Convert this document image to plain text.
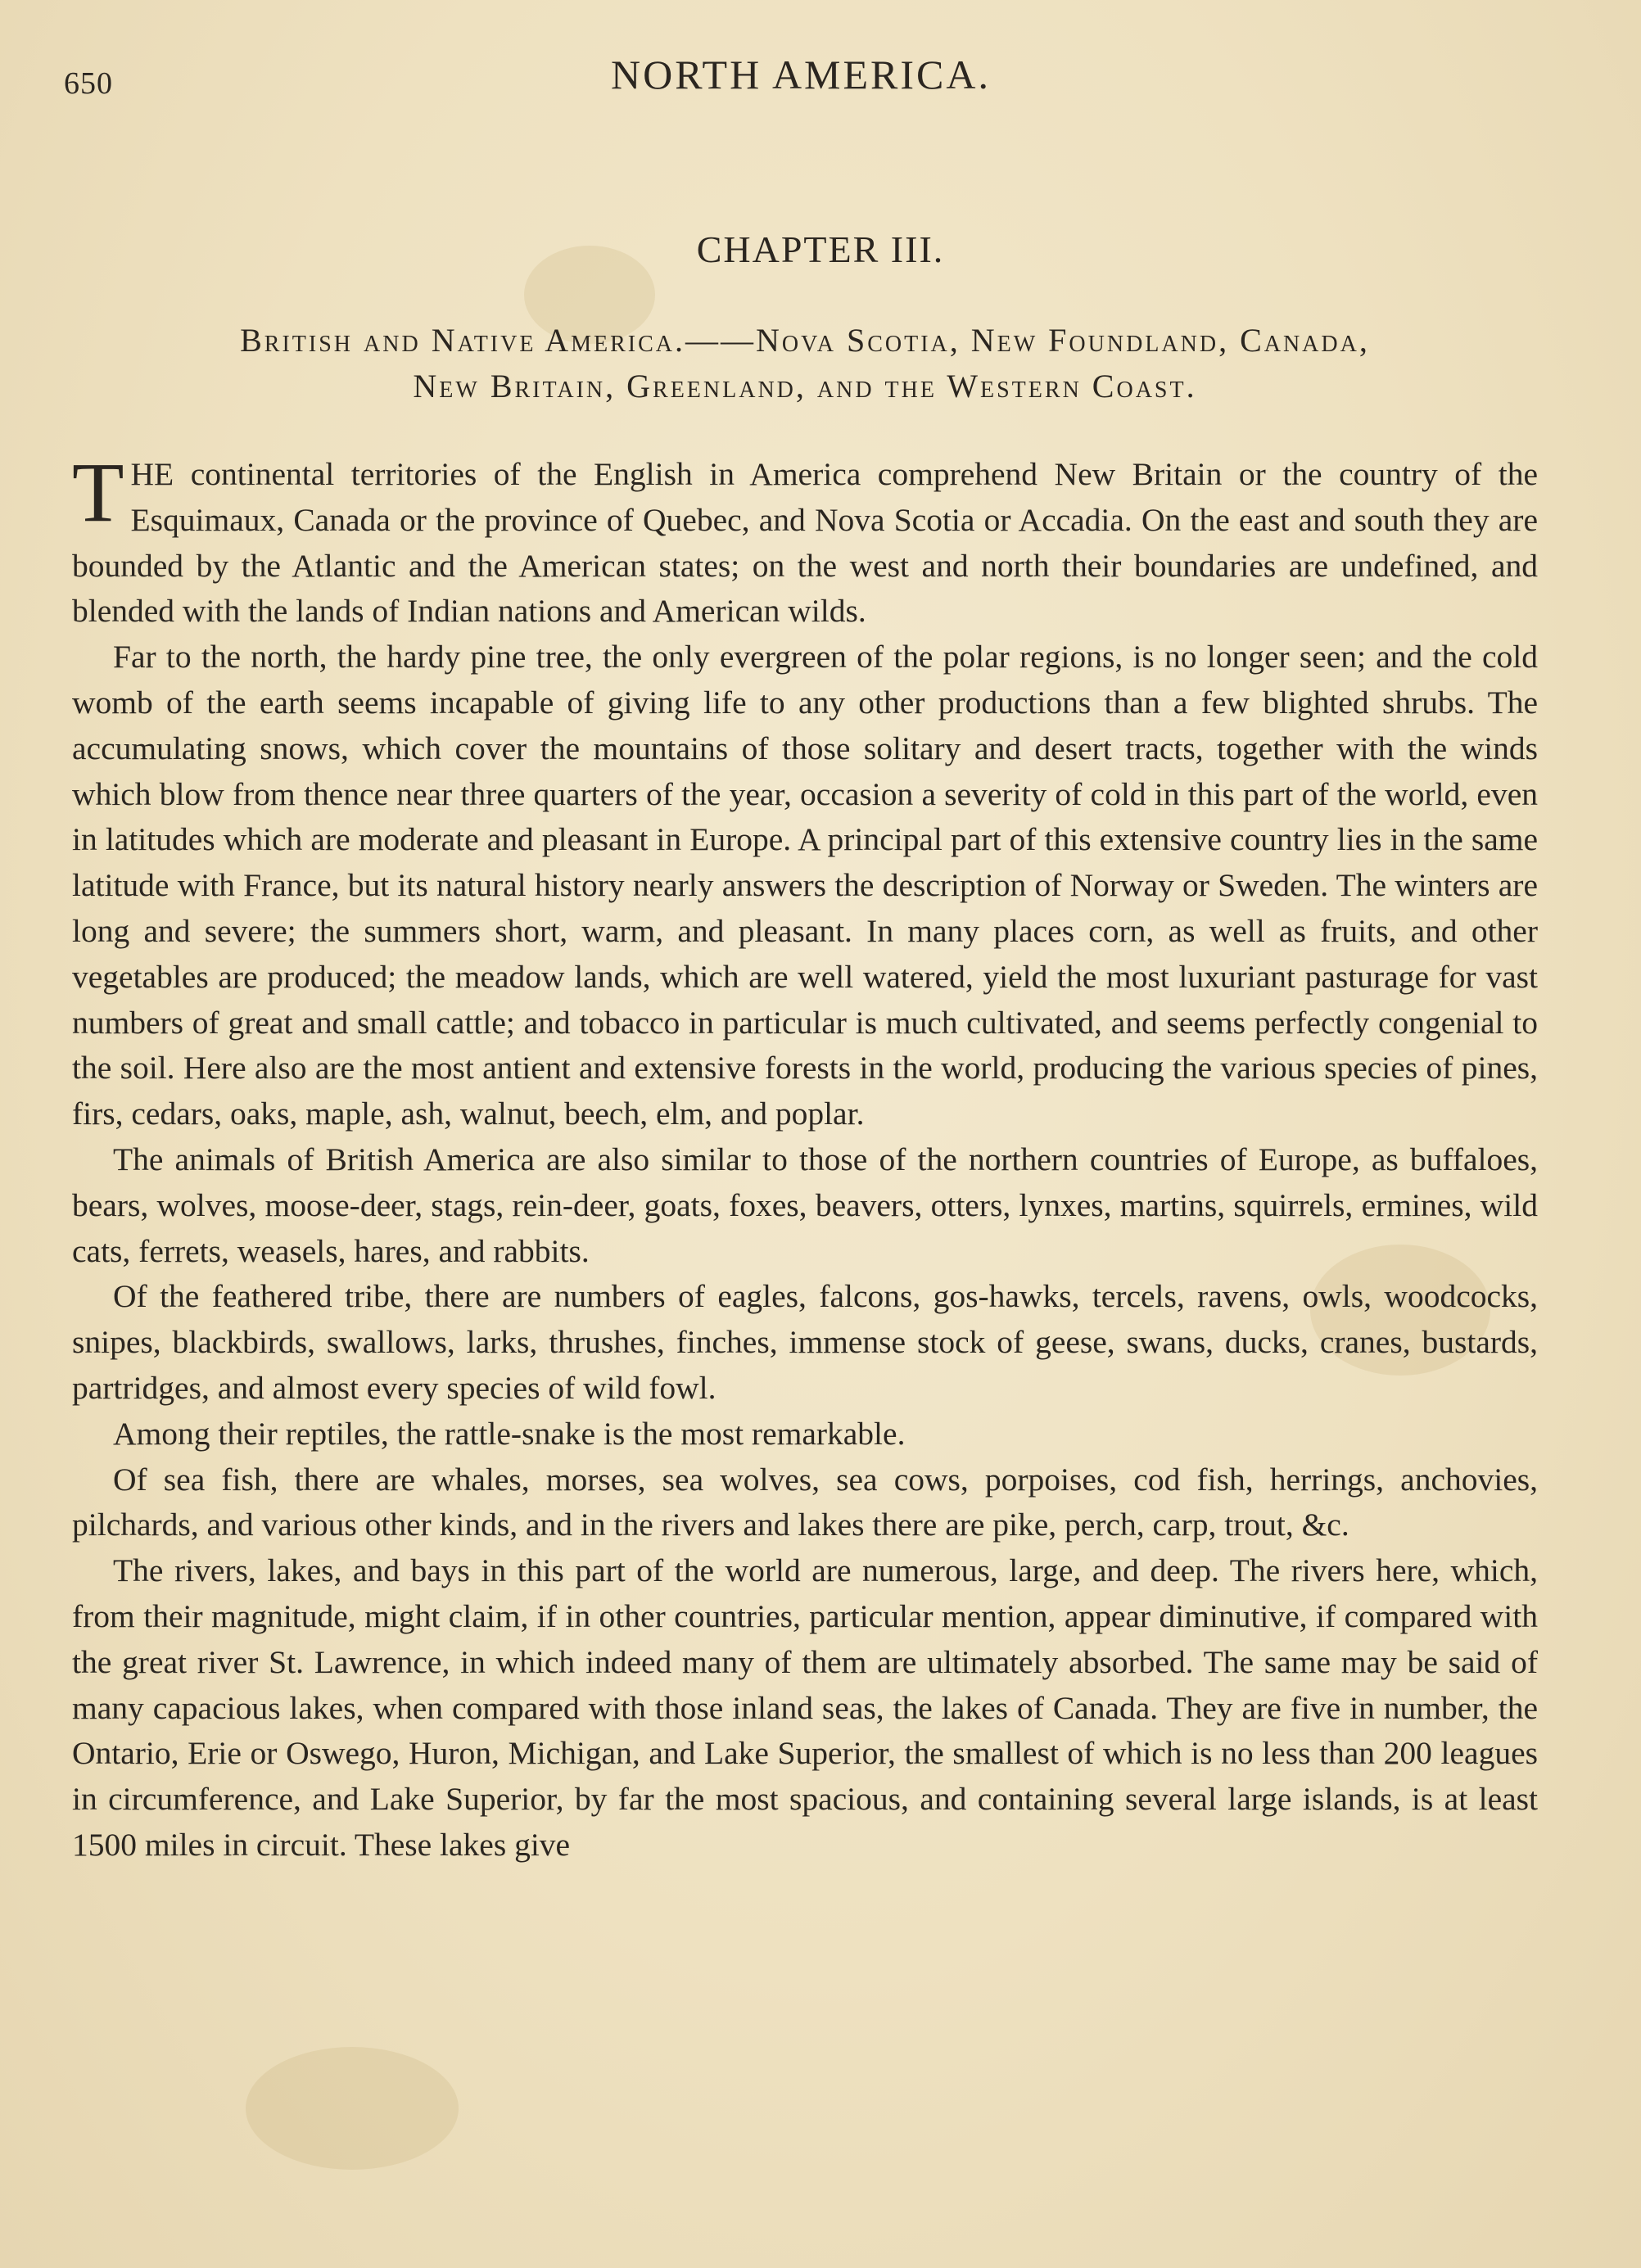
650	NORTH AMERICA.
CHAPTER III.
British and Native America.——Nova Scotia, New Foundland, Canada,
New Britain, Greenland, and the Western Coast.

THE continental territories of the English in America comprehend New Britain or the country of the Esquimaux, Canada or the province of Quebec, and Nova Scotia or Accadia. On the east and south they are bounded by the Atlantic and the American states; on the west and north their boundaries are undefined, and blended with the lands of Indian nations and American wilds.

Far to the north, the hardy pine tree, the only evergreen of the polar regions, is no longer seen; and the cold womb of the earth seems incapable of giving life to any other productions than a few blighted shrubs. The accumulating snows, which cover the mountains of those solitary and desert tracts, together with the winds which blow from thence near three quarters of the year, occasion a severity of cold in this part of the world, even in latitudes which are moderate and pleasant in Europe. A principal part of this extensive country lies in the same latitude with France, but its natural history nearly answers the description of Norway or Sweden. The winters are long and severe; the summers short, warm, and pleasant. In many places corn, as well as fruits, and other vegetables are produced; the meadow lands, which are well watered, yield the most luxuriant pasturage for vast numbers of great and small cattle; and tobacco in particular is much cultivated, and seems perfectly congenial to the soil. Here also are the most antient and extensive forests in the world, producing the various species of pines, firs, cedars, oaks, maple, ash, walnut, beech, elm, and poplar.

The animals of British America are also similar to those of the northern countries of Europe, as buffaloes, bears, wolves, moose-deer, stags, rein-deer, goats, foxes, beavers, otters, lynxes, martins, squirrels, ermines, wild cats, ferrets, weasels, hares, and rabbits.

Of the feathered tribe, there are numbers of eagles, falcons, gos-hawks, tercels, ravens, owls, woodcocks, snipes, blackbirds, swallows, larks, thrushes, finches, immense stock of geese, swans, ducks, cranes, bustards, partridges, and almost every species of wild fowl.

Among their reptiles, the rattle-snake is the most remarkable.

Of sea fish, there are whales, morses, sea wolves, sea cows, porpoises, cod fish, herrings, anchovies, pilchards, and various other kinds, and in the rivers and lakes there are pike, perch, carp, trout, &c.

The rivers, lakes, and bays in this part of the world are numerous, large, and deep. The rivers here, which, from their magnitude, might claim, if in other countries, particular mention, appear diminutive, if compared with the great river St. Lawrence, in which indeed many of them are ultimately absorbed. The same may be said of many capacious lakes, when compared with those inland seas, the lakes of Canada. They are five in number, the Ontario, Erie or Oswego, Huron, Michigan, and Lake Superior, the smallest of which is no less than 200 leagues in circumference, and Lake Superior, by far the most spacious, and containing several large islands, is at least 1500 miles in circuit. These lakes give
